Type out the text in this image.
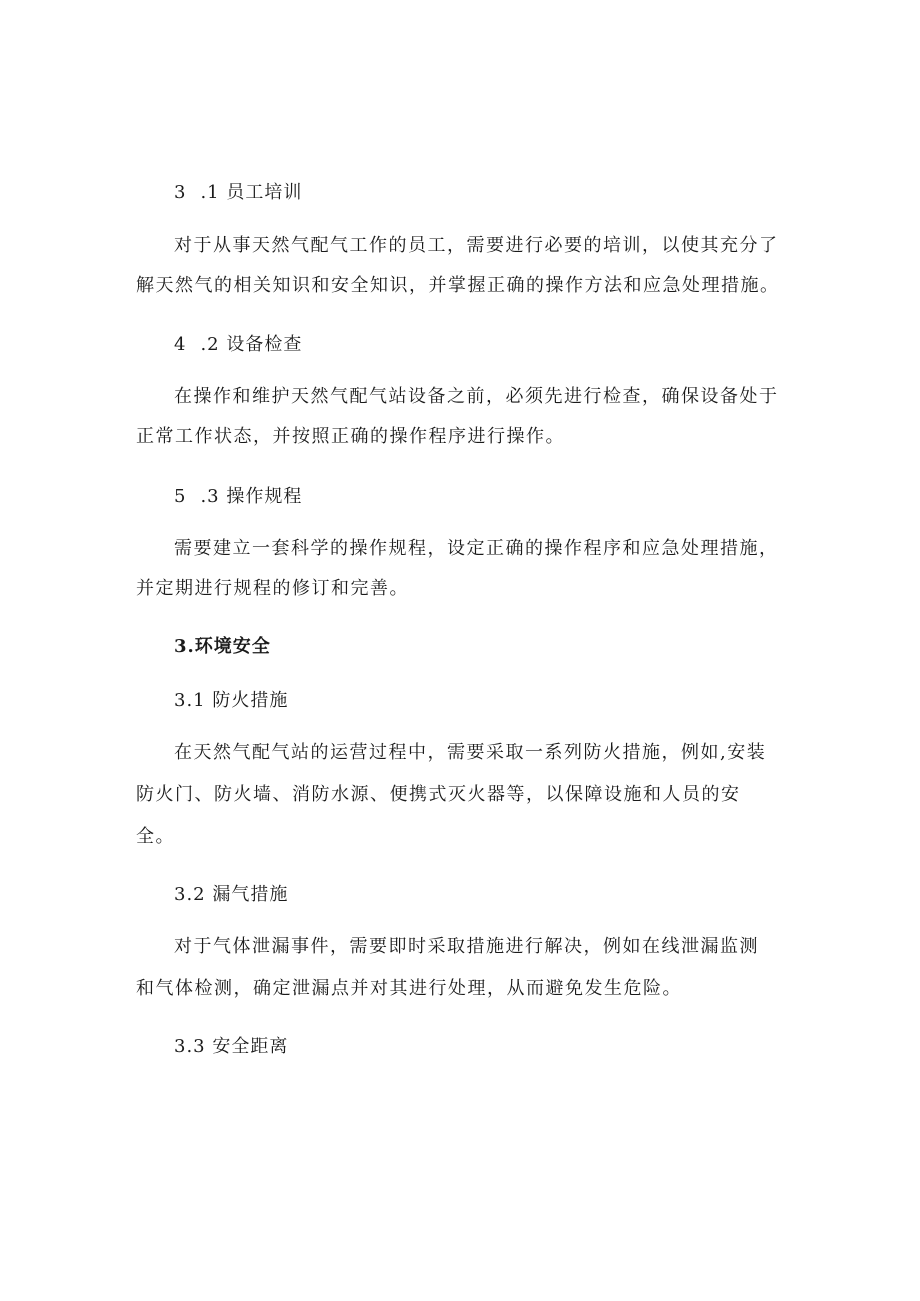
3 .1 员工培训
对于从事天然气配气工作的员工，需要进行必要的培训，以使其充分了
解天然气的相关知识和安全知识，并掌握正确的操作方法和应急处理措施。
4 .2 设备检查
在操作和维护天然气配气站设备之前，必须先进行检查，确保设备处于
正常工作状态，并按照正确的操作程序进行操作。
5 .3 操作规程
需要建立一套科学的操作规程，设定正确的操作程序和应急处理措施，
并定期进行规程的修订和完善。
3.环境安全
3.1 防火措施
在天然气配气站的运营过程中，需要采取一系列防火措施，例如,安装
防火门、防火墙、消防水源、便携式灭火器等，以保障设施和人员的安
全。
3.2 漏气措施
对于气体泄漏事件，需要即时采取措施进行解决，例如在线泄漏监测
和气体检测，确定泄漏点并对其进行处理，从而避免发生危险。
3.3 安全距离
